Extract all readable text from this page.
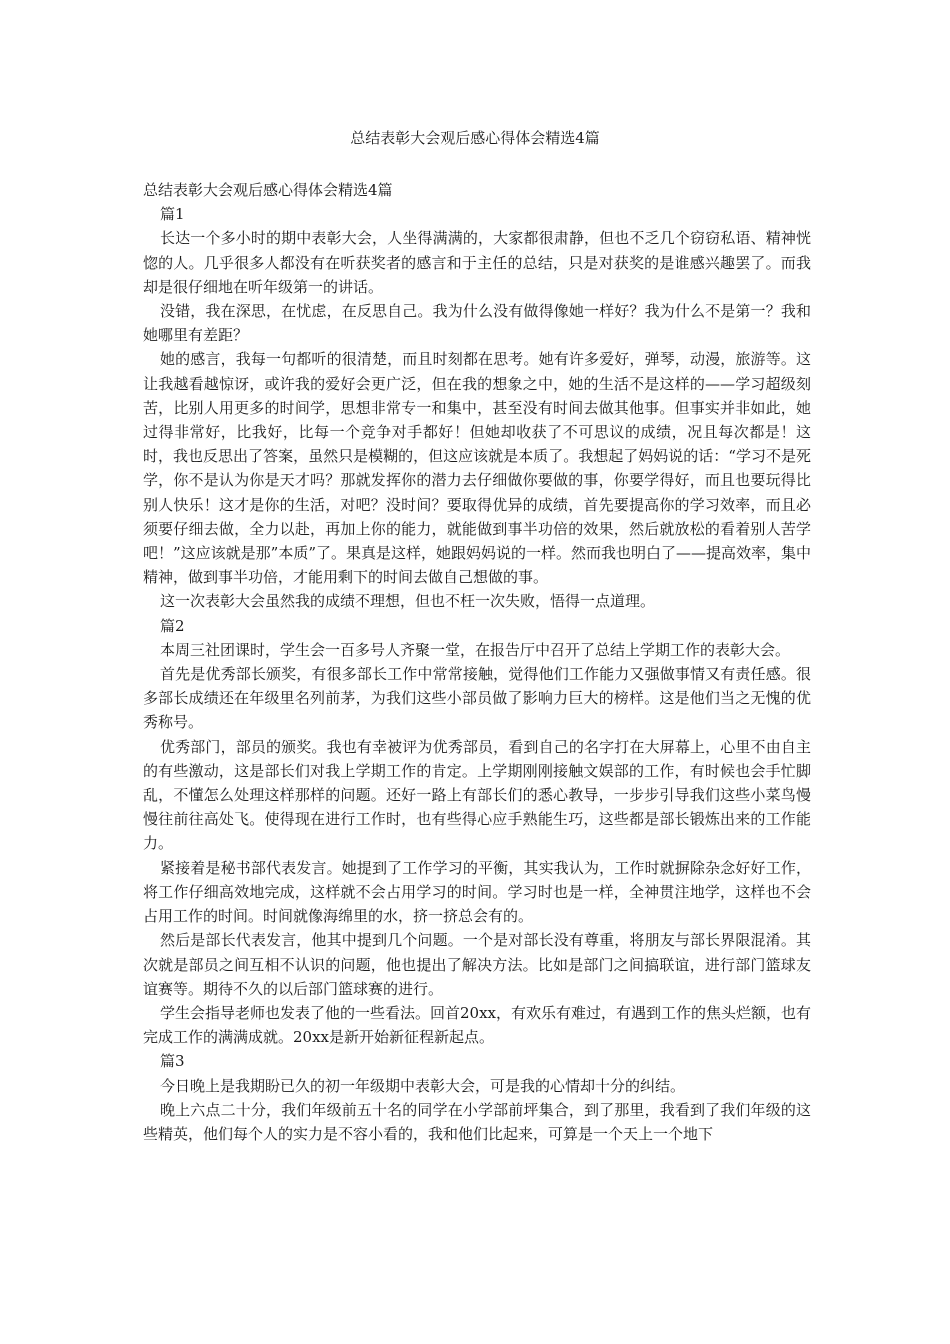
总结表彰大会观后感心得体会精选4篇

总结表彰大会观后感心得体会精选4篇

篇1

长达一个多小时的期中表彰大会，人坐得满满的，大家都很肃静，但也不乏几个窃窃私语、精神恍惚的人。几乎很多人都没有在听获奖者的感言和于主任的总结，只是对获奖的是谁感兴趣罢了。而我却是很仔细地在听年级第一的讲话。

没错，我在深思，在忧虑，在反思自己。我为什么没有做得像她一样好？我为什么不是第一？我和她哪里有差距？

她的感言，我每一句都听的很清楚，而且时刻都在思考。她有许多爱好，弹琴，动漫，旅游等。这让我越看越惊讶，或许我的爱好会更广泛，但在我的想象之中，她的生活不是这样的——学习超级刻苦，比别人用更多的时间学，思想非常专一和集中，甚至没有时间去做其他事。但事实并非如此，她过得非常好，比我好，比每一个竞争对手都好！但她却收获了不可思议的成绩，况且每次都是！这时，我也反思出了答案，虽然只是模糊的，但这应该就是本质了。我想起了妈妈说的话：“学习不是死学，你不是认为你是天才吗？那就发挥你的潜力去仔细做你要做的事，你要学得好，而且也要玩得比别人快乐！这才是你的生活，对吧？没时间？要取得优异的成绩，首先要提高你的学习效率，而且必须要仔细去做，全力以赴，再加上你的能力，就能做到事半功倍的效果，然后就放松的看着别人苦学吧！”这应该就是那”本质”了。果真是这样，她跟妈妈说的一样。然而我也明白了——提高效率，集中精神，做到事半功倍，才能用剩下的时间去做自己想做的事。

这一次表彰大会虽然我的成绩不理想，但也不枉一次失败，悟得一点道理。

篇2

本周三社团课时，学生会一百多号人齐聚一堂，在报告厅中召开了总结上学期工作的表彰大会。

首先是优秀部长颁奖，有很多部长工作中常常接触，觉得他们工作能力又强做事情又有责任感。很多部长成绩还在年级里名列前茅，为我们这些小部员做了影响力巨大的榜样。这是他们当之无愧的优秀称号。

优秀部门，部员的颁奖。我也有幸被评为优秀部员，看到自己的名字打在大屏幕上，心里不由自主的有些激动，这是部长们对我上学期工作的肯定。上学期刚刚接触文娱部的工作，有时候也会手忙脚乱，不懂怎么处理这样那样的问题。还好一路上有部长们的悉心教导，一步步引导我们这些小菜鸟慢慢往前往高处飞。使得现在进行工作时，也有些得心应手熟能生巧，这些都是部长锻炼出来的工作能力。

紧接着是秘书部代表发言。她提到了工作学习的平衡，其实我认为，工作时就摒除杂念好好工作，将工作仔细高效地完成，这样就不会占用学习的时间。学习时也是一样，全神贯注地学，这样也不会占用工作的时间。时间就像海绵里的水，挤一挤总会有的。

然后是部长代表发言，他其中提到几个问题。一个是对部长没有尊重，将朋友与部长界限混淆。其次就是部员之间互相不认识的问题，他也提出了解决方法。比如是部门之间搞联谊，进行部门篮球友谊赛等。期待不久的以后部门篮球赛的进行。

学生会指导老师也发表了他的一些看法。回首20xx，有欢乐有难过，有遇到工作的焦头烂额，也有完成工作的满满成就。20xx是新开始新征程新起点。

篇3

今日晚上是我期盼已久的初一年级期中表彰大会，可是我的心情却十分的纠结。

晚上六点二十分，我们年级前五十名的同学在小学部前坪集合，到了那里，我看到了我们年级的这些精英，他们每个人的实力是不容小看的，我和他们比起来，可算是一个天上一个地下
